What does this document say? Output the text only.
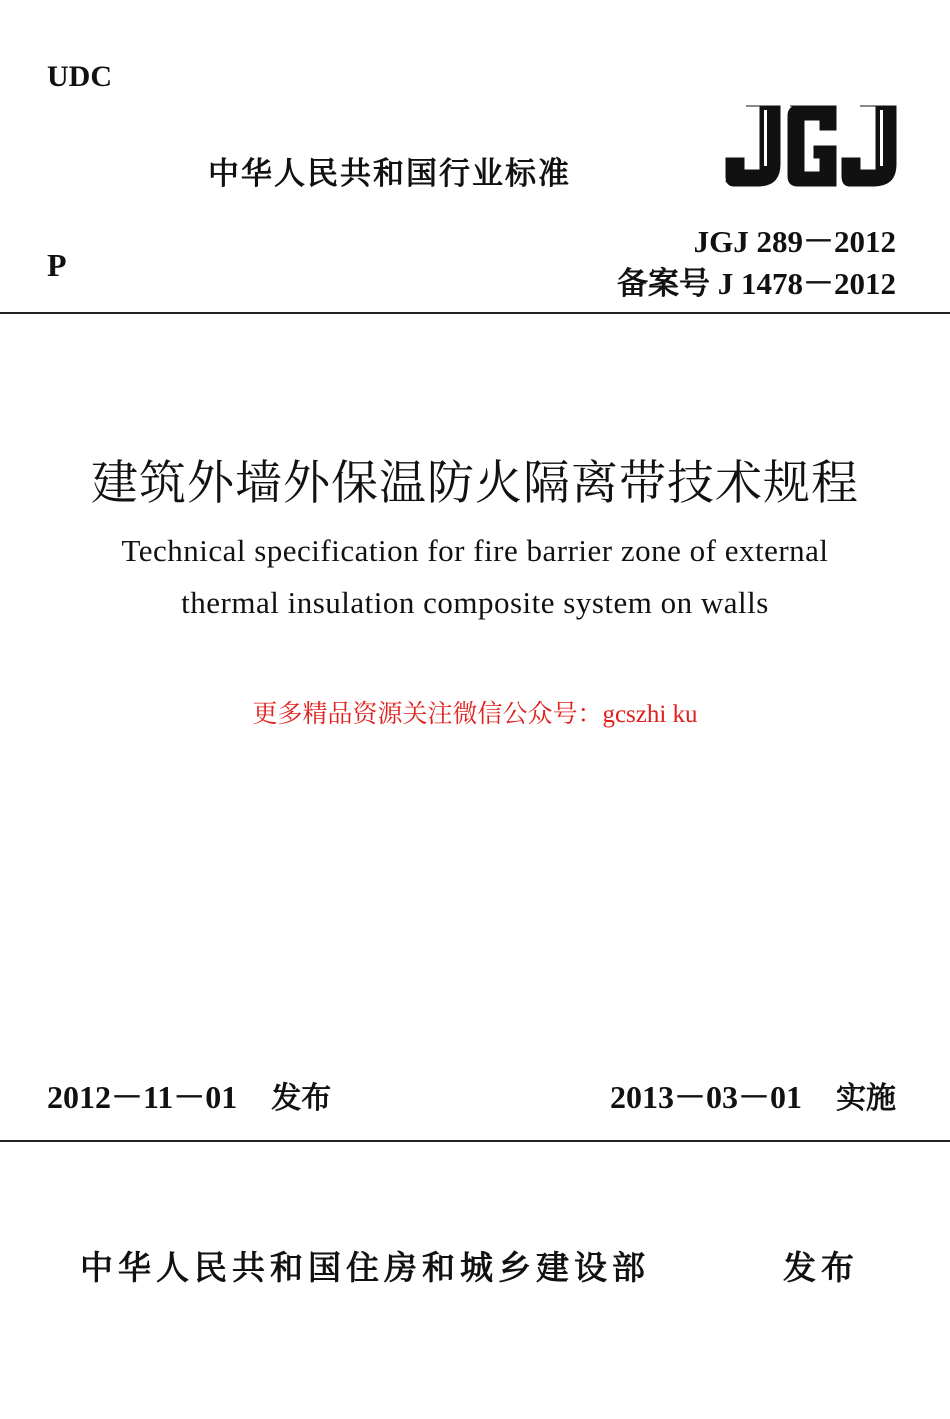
UDC
中华人民共和国行业标准	JGJ
JGJ 289－2012
备案号 J 1478－2012
P
建筑外墙外保温防火隔离带技术规程
Technical specification for fire barrier zone of external
thermal insulation composite system on walls
更多精品资源关注微信公众号：gcszhi ku
2012－11－01 发布	2013－03－01 实施
中华人民共和国住房和城乡建设部	发布
